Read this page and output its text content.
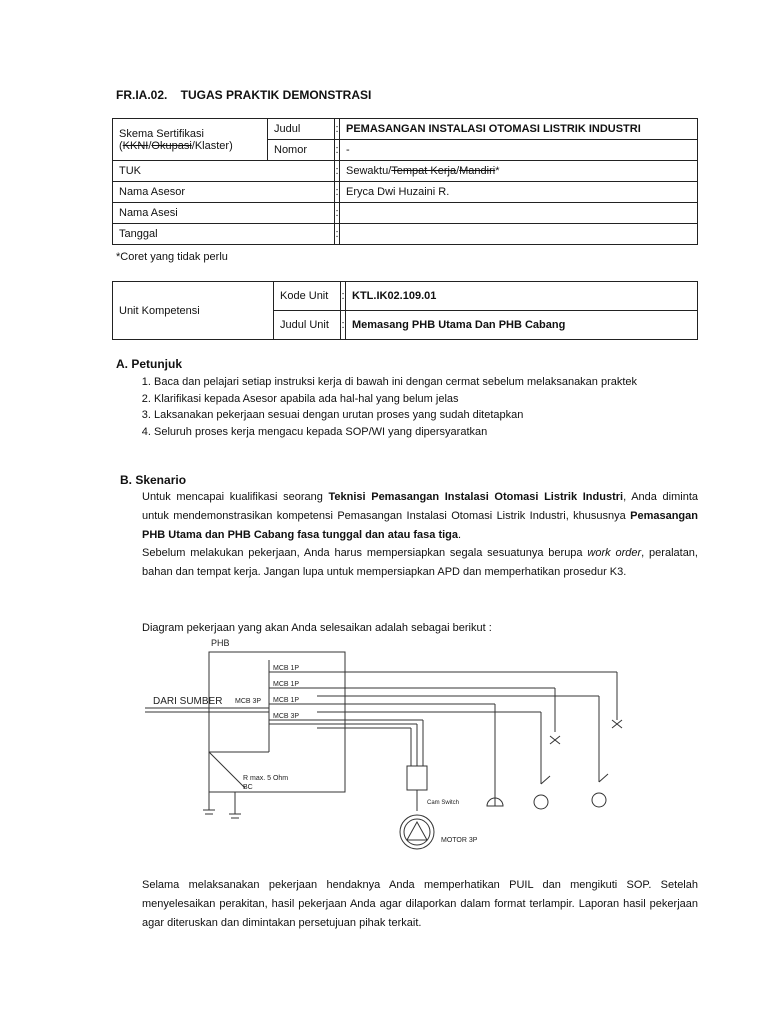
FR.IA.02.    TUGAS PRAKTIK DEMONSTRASI
Skema Sertifikasi
(KKNI/Okupasi/Klaster)	Judul	:	PEMASANGAN INSTALASI OTOMASI LISTRIK INDUSTRI
	Nomor	:	-
TUK		:	Sewaktu/Tempat Kerja/Mandiri*
Nama Asesor		:	Eryca Dwi Huzaini R.
Nama Asesi		:	
Tanggal		:	
*Coret yang tidak perlu
Unit Kompetensi	Kode Unit	:	KTL.IK02.109.01
	Judul Unit	:	Memasang PHB Utama Dan PHB Cabang
A. Petunjuk
1. Baca dan pelajari setiap instruksi kerja di bawah ini dengan cermat sebelum melaksanakan praktek
2. Klarifikasi kepada Asesor apabila ada hal-hal yang belum jelas
3. Laksanakan pekerjaan sesuai dengan urutan proses yang sudah ditetapkan
4. Seluruh proses kerja mengacu kepada SOP/WI yang dipersyaratkan
B. Skenario
Untuk mencapai kualifikasi seorang Teknisi Pemasangan Instalasi Otomasi Listrik Industri, Anda diminta untuk mendemonstrasikan kompetensi Pemasangan Instalasi Otomasi Listrik Industri, khususnya Pemasangan PHB Utama dan PHB Cabang fasa tunggal dan atau fasa tiga.
Sebelum melakukan pekerjaan, Anda harus mempersiapkan segala sesuatunya berupa work order, peralatan, bahan dan tempat kerja. Jangan lupa untuk mempersiapkan APD dan memperhatikan prosedur K3.
Diagram pekerjaan yang akan Anda selesaikan adalah sebagai berikut :
PHB
DARI SUMBER MCB 3P
MCB 1P
MCB 1P
MCB 1P
MCB 3P
R max. 5 Ohm
BC
Cam Switch
MOTOR 3P
Selama melaksanakan pekerjaan hendaknya Anda memperhatikan PUIL dan mengikuti SOP. Setelah menyelesaikan perakitan, hasil pekerjaan Anda agar dilaporkan dalam format terlampir. Laporan hasil pekerjaan agar diteruskan dan dimintakan persetujuan pihak terkait.
